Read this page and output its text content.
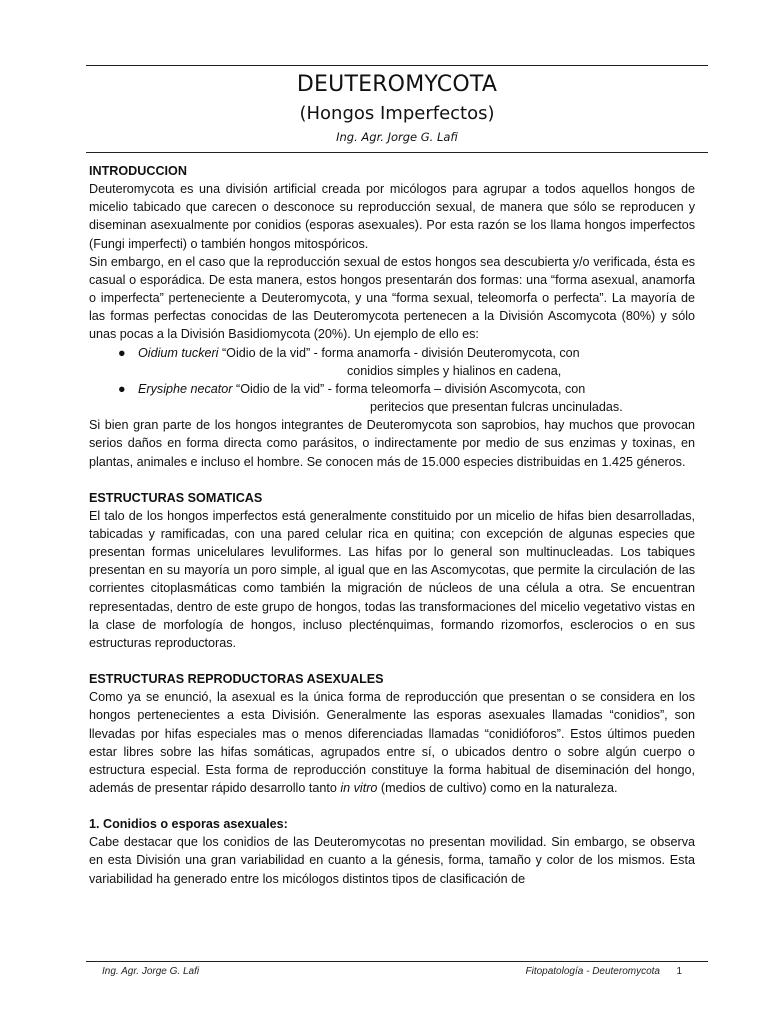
DEUTEROMYCOTA
(Hongos Imperfectos)
Ing. Agr. Jorge G. Lafi
INTRODUCCION

Deuteromycota es una división artificial creada por micólogos para agrupar a todos aquellos hongos de micelio tabicado que carecen o desconoce su reproducción sexual, de manera que sólo se reproducen y diseminan asexualmente por conidios (esporas asexuales). Por esta razón se los llama hongos imperfectos (Fungi imperfecti) o también hongos mitospóricos.

Sin embargo, en el caso que la reproducción sexual de estos hongos sea descubierta y/o verificada, ésta es casual o esporádica. De esta manera, estos hongos presentarán dos formas: una “forma asexual, anamorfa o imperfecta” perteneciente a Deuteromycota, y una “forma sexual, teleomorfa o perfecta”. La mayoría de las formas perfectas conocidas de las Deuteromycota pertenecen a la División Ascomycota (80%) y sólo unas pocas a la División Basidiomycota (20%). Un ejemplo de ello es:

● Oidium tuckeri “Oidio de la vid” - forma anamorfa - división Deuteromycota, con
conidios simples y hialinos en cadena,
● Erysiphe necator “Oidio de la vid” - forma teleomorfa – división Ascomycota, con
peritecios que presentan fulcras uncinuladas.

Si bien gran parte de los hongos integrantes de Deuteromycota son saprobios, hay muchos que provocan serios daños en forma directa como parásitos, o indirectamente por medio de sus enzimas y toxinas, en plantas, animales e incluso el hombre. Se conocen más de 15.000 especies distribuidas en 1.425 géneros.

ESTRUCTURAS SOMATICAS

El talo de los hongos imperfectos está generalmente constituido por un micelio de hifas bien desarrolladas, tabicadas y ramificadas, con una pared celular rica en quitina; con excepción de algunas especies que presentan formas unicelulares levuliformes. Las hifas por lo general son multinucleadas. Los tabiques presentan en su mayoría un poro simple, al igual que en las Ascomycotas, que permite la circulación de las corrientes citoplasmáticas como también la migración de núcleos de una célula a otra. Se encuentran representadas, dentro de este grupo de hongos, todas las transformaciones del micelio vegetativo vistas en la clase de morfología de hongos, incluso plecténquimas, formando rizomorfos, esclerocios o en sus estructuras reproductoras.

ESTRUCTURAS REPRODUCTORAS ASEXUALES

Como ya se enunció, la asexual es la única forma de reproducción que presentan o se considera en los hongos pertenecientes a esta División. Generalmente las esporas asexuales llamadas “conidios”, son llevadas por hifas especiales mas o menos diferenciadas llamadas “conidióforos”. Estos últimos pueden estar libres sobre las hifas somáticas, agrupados entre sí, o ubicados dentro o sobre algún cuerpo o estructura especial. Esta forma de reproducción constituye la forma habitual de diseminación del hongo, además de presentar rápido desarrollo tanto in vitro (medios de cultivo) como en la naturaleza.

1. Conidios o esporas asexuales:

Cabe destacar que los conidios de las Deuteromycotas no presentan movilidad. Sin embargo, se observa en esta División una gran variabilidad en cuanto a la génesis, forma, tamaño y color de los mismos. Esta variabilidad ha generado entre los micólogos distintos tipos de clasificación de

Ing. Agr. Jorge G. Lafi	Fitopatología - Deuteromycota 1
